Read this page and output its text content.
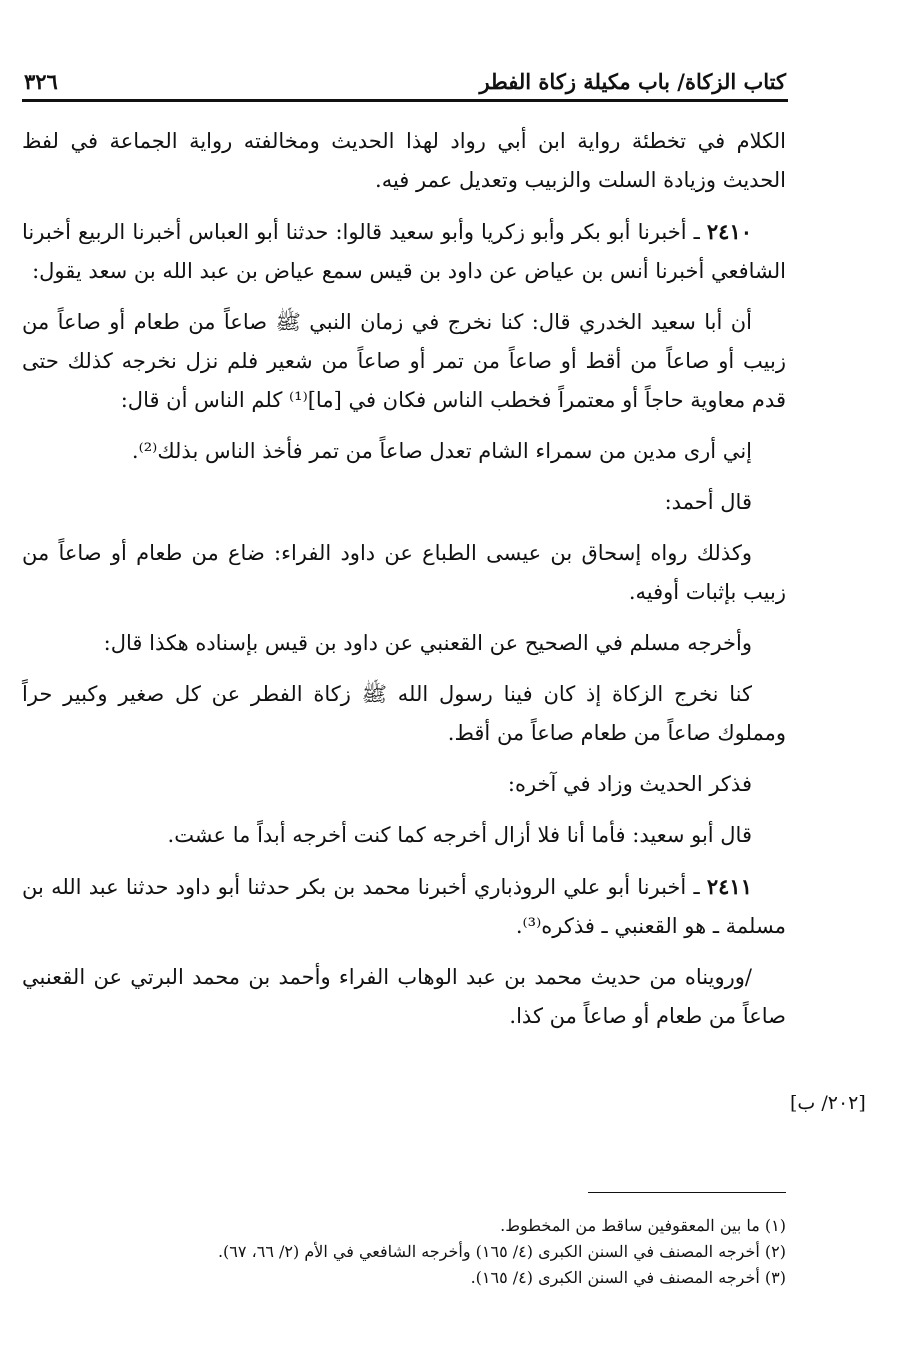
كتاب الزكاة/ باب مكيلة زكاة الفطر
٣٢٦

الكلام في تخطئة رواية ابن أبي رواد لهذا الحديث ومخالفته رواية الجماعة في لفظ الحديث وزيادة السلت والزبيب وتعديل عمر فيه.

٢٤١٠ ـ أخبرنا أبو بكر وأبو زكريا وأبو سعيد قالوا: حدثنا أبو العباس أخبرنا الربيع أخبرنا الشافعي أخبرنا أنس بن عياض عن داود بن قيس سمع عياض بن عبد الله بن سعد يقول:

أن أبا سعيد الخدري قال: كنا نخرج في زمان النبي ﷺ صاعاً من طعام أو صاعاً من زبيب أو صاعاً من أقط أو صاعاً من تمر أو صاعاً من شعير فلم نزل نخرجه كذلك حتى قدم معاوية حاجاً أو معتمراً فخطب الناس فكان في [ما]⁽¹⁾ كلم الناس أن قال:

إني أرى مدين من سمراء الشام تعدل صاعاً من تمر فأخذ الناس بذلك⁽²⁾.

قال أحمد:

وكذلك رواه إسحاق بن عيسى الطباع عن داود الفراء: ضاع من طعام أو صاعاً من زبيب بإثبات أوفيه.

وأخرجه مسلم في الصحيح عن القعنبي عن داود بن قيس بإسناده هكذا قال:

كنا نخرج الزكاة إذ كان فينا رسول الله ﷺ زكاة الفطر عن كل صغير وكبير حراً ومملوك صاعاً من طعام صاعاً من أقط.

فذكر الحديث وزاد في آخره:

قال أبو سعيد: فأما أنا فلا أزال أخرجه كما كنت أخرجه أبداً ما عشت.

٢٤١١ ـ أخبرنا أبو علي الروذباري أخبرنا محمد بن بكر حدثنا أبو داود حدثنا عبد الله بن مسلمة ـ هو القعنبي ـ فذكره⁽³⁾.

/ورويناه من حديث محمد بن عبد الوهاب الفراء وأحمد بن محمد البرتي عن القعنبي صاعاً من طعام أو صاعاً من كذا.

[٢٠٢/ ب]
(١) ما بين المعقوفين ساقط من المخطوط.
(٢) أخرجه المصنف في السنن الكبرى (٤/ ١٦٥) وأخرجه الشافعي في الأم (٢/ ٦٦، ٦٧).
(٣) أخرجه المصنف في السنن الكبرى (٤/ ١٦٥).
